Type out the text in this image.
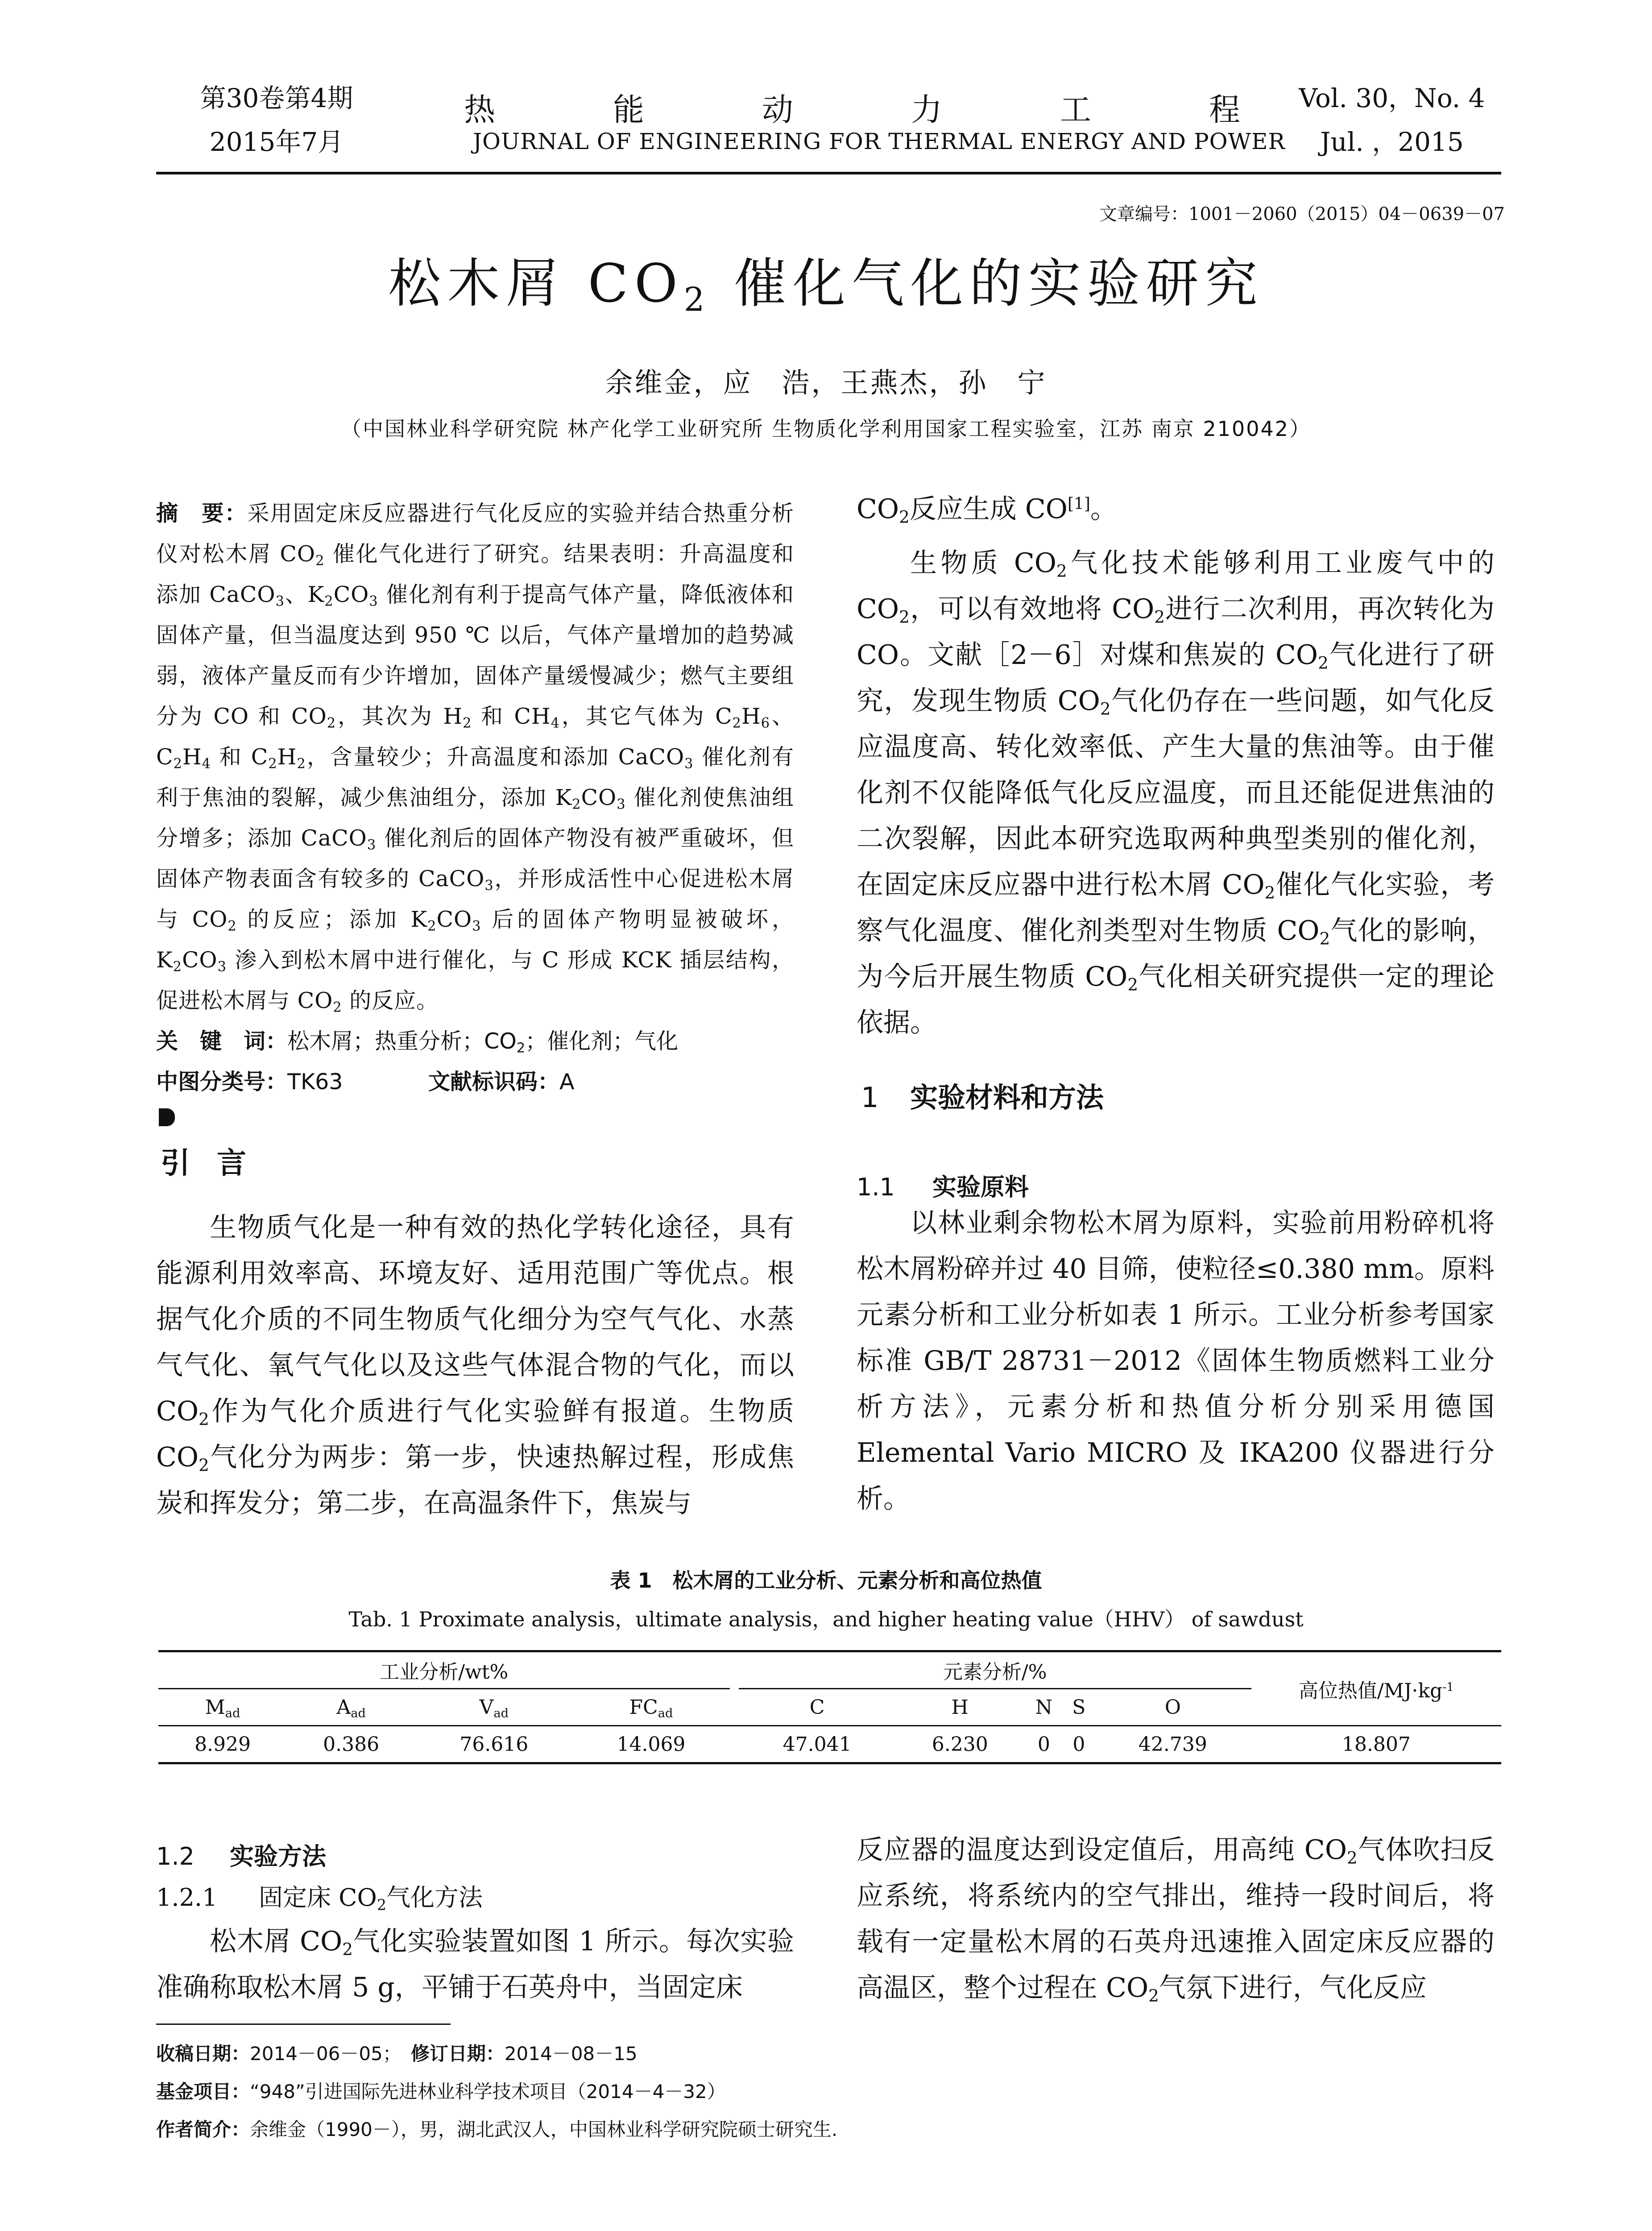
第30卷第4期
2015年7月
热能动力工程
JOURNAL OF ENGINEERING FOR THERMAL ENERGY AND POWER
Vol. 30，No. 4
Jul. ，2015
文章编号：1001－2060（2015）04－0639－07
松木屑 $CO_2$ 催化气化的实验研究
余维金，应　浩，王燕杰，孙　宁
（中国林业科学研究院 林产化学工业研究所 生物质化学利用国家工程实验室，江苏 南京 210042）
摘　要：采用固定床反应器进行气化反应的实验并结合热重分析仪对松木屑 $CO_2$ 催化气化进行了研究。结果表明：升高温度和添加 CaCO$_3$、$K_2CO_3$ 催化剂有利于提高气体产量，降低液体和固体产量，但当温度达到 950 ℃ 以后，气体产量增加的趋势减弱，液体产量反而有少许增加，固体产量缓慢减少；燃气主要组分为 CO 和 $CO_2$，其次为 $H_2$ 和 $CH_4$，其它气体为 $C_2H_6$、$C_2H_4$ 和 $C_2H_2$，含量较少；升高温度和添加 CaCO$_3$ 催化剂有利于焦油的裂解，减少焦油组分，添加 $K_2CO_3$ 催化剂使焦油组分增多；添加 CaCO$_3$ 催化剂后的固体产物没有被严重破坏，但固体产物表面含有较多的 CaCO$_3$，并形成活性中心促进松木屑与 $CO_2$ 的反应；添加 $K_2CO_3$ 后的固体产物明显被破坏，$K_2CO_3$ 渗入到松木屑中进行催化，与 C 形成 KCK 插层结构，促进松木屑与 $CO_2$ 的反应。
关　键　词：松木屑；热重分析；$CO_2$；催化剂；气化
中图分类号：TK63	文献标识码：A
引言

生物质气化是一种有效的热化学转化途径，具有能源利用效率高、环境友好、适用范围广等优点。根据气化介质的不同生物质气化细分为空气气化、水蒸气气化、氧气气化以及这些气体混合物的气化，而以 $CO_2$作为气化介质进行气化实验鲜有报道。生物质 $CO_2$气化分为两步：第一步，快速热解过程，形成焦炭和挥发分；第二步，在高温条件下，焦炭与

$CO_2$反应生成 CO[1]。

生物质 $CO_2$气化技术能够利用工业废气中的 $CO_2$，可以有效地将 $CO_2$进行二次利用，再次转化为 CO。文献［2－6］对煤和焦炭的 $CO_2$气化进行了研究，发现生物质 $CO_2$气化仍存在一些问题，如气化反应温度高、转化效率低、产生大量的焦油等。由于催化剂不仅能降低气化反应温度，而且还能促进焦油的二次裂解，因此本研究选取两种典型类别的催化剂，在固定床反应器中进行松木屑 $CO_2$催化气化实验，考察气化温度、催化剂类型对生物质 $CO_2$气化的影响，为今后开展生物质 $CO_2$气化相关研究提供一定的理论依据。

1 实验材料和方法
1.1 实验原料

以林业剩余物松木屑为原料，实验前用粉碎机将松木屑粉碎并过 40 目筛，使粒径≤0.380 mm。原料元素分析和工业分析如表 1 所示。工业分析参考国家标准 GB/T 28731－2012《固体生物质燃料工业分析方法》，元素分析和热值分析分别采用德国 Elemental Vario MICRO 及 IKA200 仪器进行分析。

表 1　松木屑的工业分析、元素分析和高位热值
Tab. 1 Proximate analysis，ultimate analysis，and higher heating value（HHV） of sawdust
工业分析/wt%					元素分析/%					高位热值$/MJ\cdot kg^{-1}$
$M_{ad}$	$A_{ad}$	$V_{ad}$	$FC_{ad}$		C	H	N	S	O	
8.929	0.386	76.616	14.069		47.041	6.230	0	0	42.739	18.807
1.2 实验方法
1.2.1 固定床 $CO_2$气化方法

松木屑 $CO_2$气化实验装置如图 1 所示。每次实验准确称取松木屑 5 g，平铺于石英舟中，当固定床

反应器的温度达到设定值后，用高纯 $CO_2$气体吹扫反应系统，将系统内的空气排出，维持一段时间后，将载有一定量松木屑的石英舟迅速推入固定床反应器的高温区，整个过程在 $CO_2$气氛下进行，气化反应

收稿日期：2014－06－05；　 修订日期：2014－08－15
基金项目：“948”引进国际先进林业科学技术项目（2014－4－32）
作者简介：余维金（1990－），男，湖北武汉人，中国林业科学研究院硕士研究生.
